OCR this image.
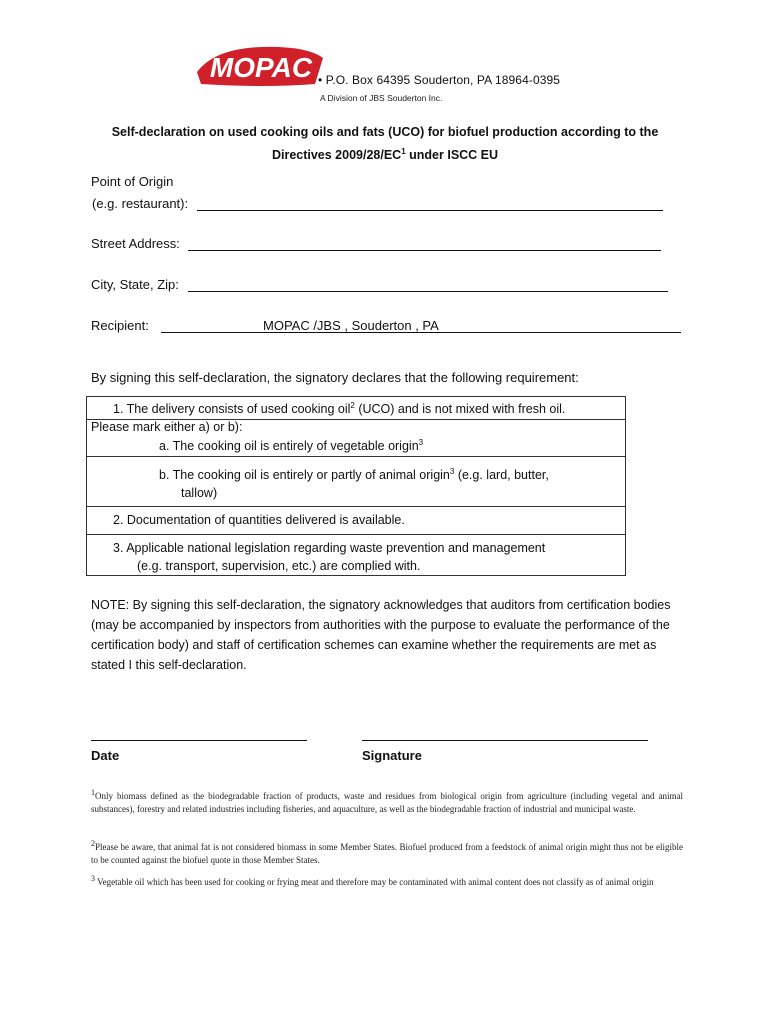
MOPAC • P.O. Box 64395 Souderton, PA 18964-0395
A Division of JBS Souderton Inc.
Self-declaration on used cooking oils and fats (UCO) for biofuel production according to the
Directives $2009/28/EC^1$ under ISCC EU
Point of Origin
(e.g. restaurant):
Street Address:
City, State, Zip:
Recipient:	MOPAC /JBS , Souderton , PA
By signing this self-declaration, the signatory declares that the following requirement:
1. The delivery consists of used cooking oil$^2$ (UCO) and is not mixed with fresh oil.
Please mark either a) or b):
a. The cooking oil is entirely of vegetable origin$^3$
b. The cooking oil is entirely or partly of animal origin$^3$ (e.g. lard, butter,
tallow)
2. Documentation of quantities delivered is available.
3. Applicable national legislation regarding waste prevention and management
(e.g. transport, supervision, etc.) are complied with.
NOTE: By signing this self-declaration, the signatory acknowledges that auditors from certification bodies (may be accompanied by inspectors from authorities with the purpose to evaluate the performance of the certification body) and staff of certification schemes can examine whether the requirements are met as stated I this self-declaration.
Date	Signature
$^1$Only biomass defined as the biodegradable fraction of products, waste and residues from biological origin from agriculture (including vegetal and animal substances), forestry and related industries including fisheries, and aquaculture, as well as the biodegradable fraction of industrial and municipal waste.
$^2$Please be aware, that animal fat is not considered biomass in some Member States. Biofuel produced from a feedstock of animal origin might thus not be eligible to be counted against the biofuel quote in those Member States.
$^3$ Vegetable oil which has been used for cooking or frying meat and therefore may be contaminated with animal content does not classify as of animal origin
